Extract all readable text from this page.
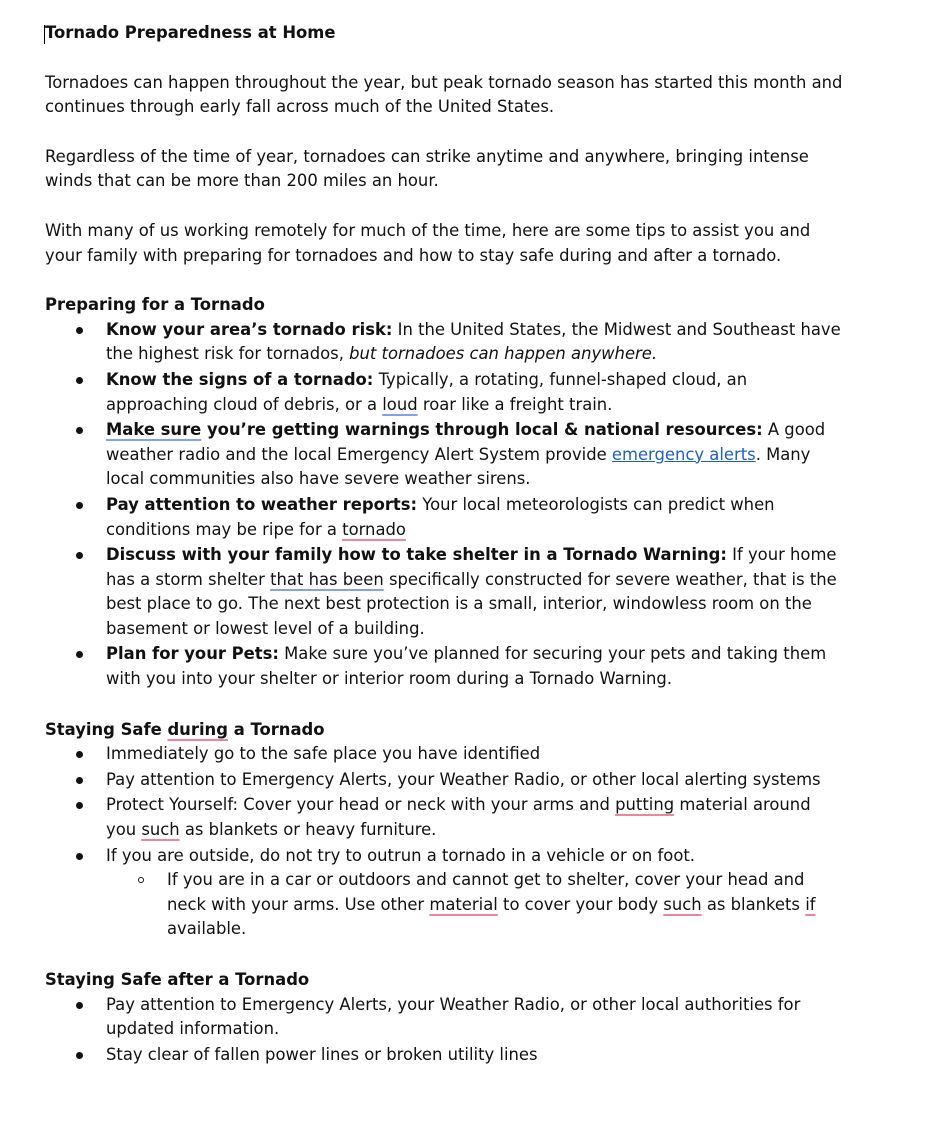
Tornado Preparedness at Home

Tornadoes can happen throughout the year, but peak tornado season has started this month and continues through early fall across much of the United States.

Regardless of the time of year, tornadoes can strike anytime and anywhere, bringing intense winds that can be more than 200 miles an hour.

With many of us working remotely for much of the time, here are some tips to assist you and your family with preparing for tornadoes and how to stay safe during and after a tornado.

Preparing for a Tornado
Know your area’s tornado risk: In the United States, the Midwest and Southeast have the highest risk for tornados, but tornadoes can happen anywhere.
Know the signs of a tornado: Typically, a rotating, funnel-shaped cloud, an approaching cloud of debris, or a loud roar like a freight train.
Make sure you’re getting warnings through local & national resources: A good weather radio and the local Emergency Alert System provide emergency alerts. Many local communities also have severe weather sirens.
Pay attention to weather reports: Your local meteorologists can predict when conditions may be ripe for a tornado
Discuss with your family how to take shelter in a Tornado Warning: If your home has a storm shelter that has been specifically constructed for severe weather, that is the best place to go. The next best protection is a small, interior, windowless room on the basement or lowest level of a building.
Plan for your Pets: Make sure you’ve planned for securing your pets and taking them with you into your shelter or interior room during a Tornado Warning.
Staying Safe during a Tornado
Immediately go to the safe place you have identified
Pay attention to Emergency Alerts, your Weather Radio, or other local alerting systems
Protect Yourself: Cover your head or neck with your arms and putting material around you such as blankets or heavy furniture.
If you are outside, do not try to outrun a tornado in a vehicle or on foot.
If you are in a car or outdoors and cannot get to shelter, cover your head and neck with your arms. Use other material to cover your body such as blankets if available.
Staying Safe after a Tornado
Pay attention to Emergency Alerts, your Weather Radio, or other local authorities for updated information.
Stay clear of fallen power lines or broken utility lines
